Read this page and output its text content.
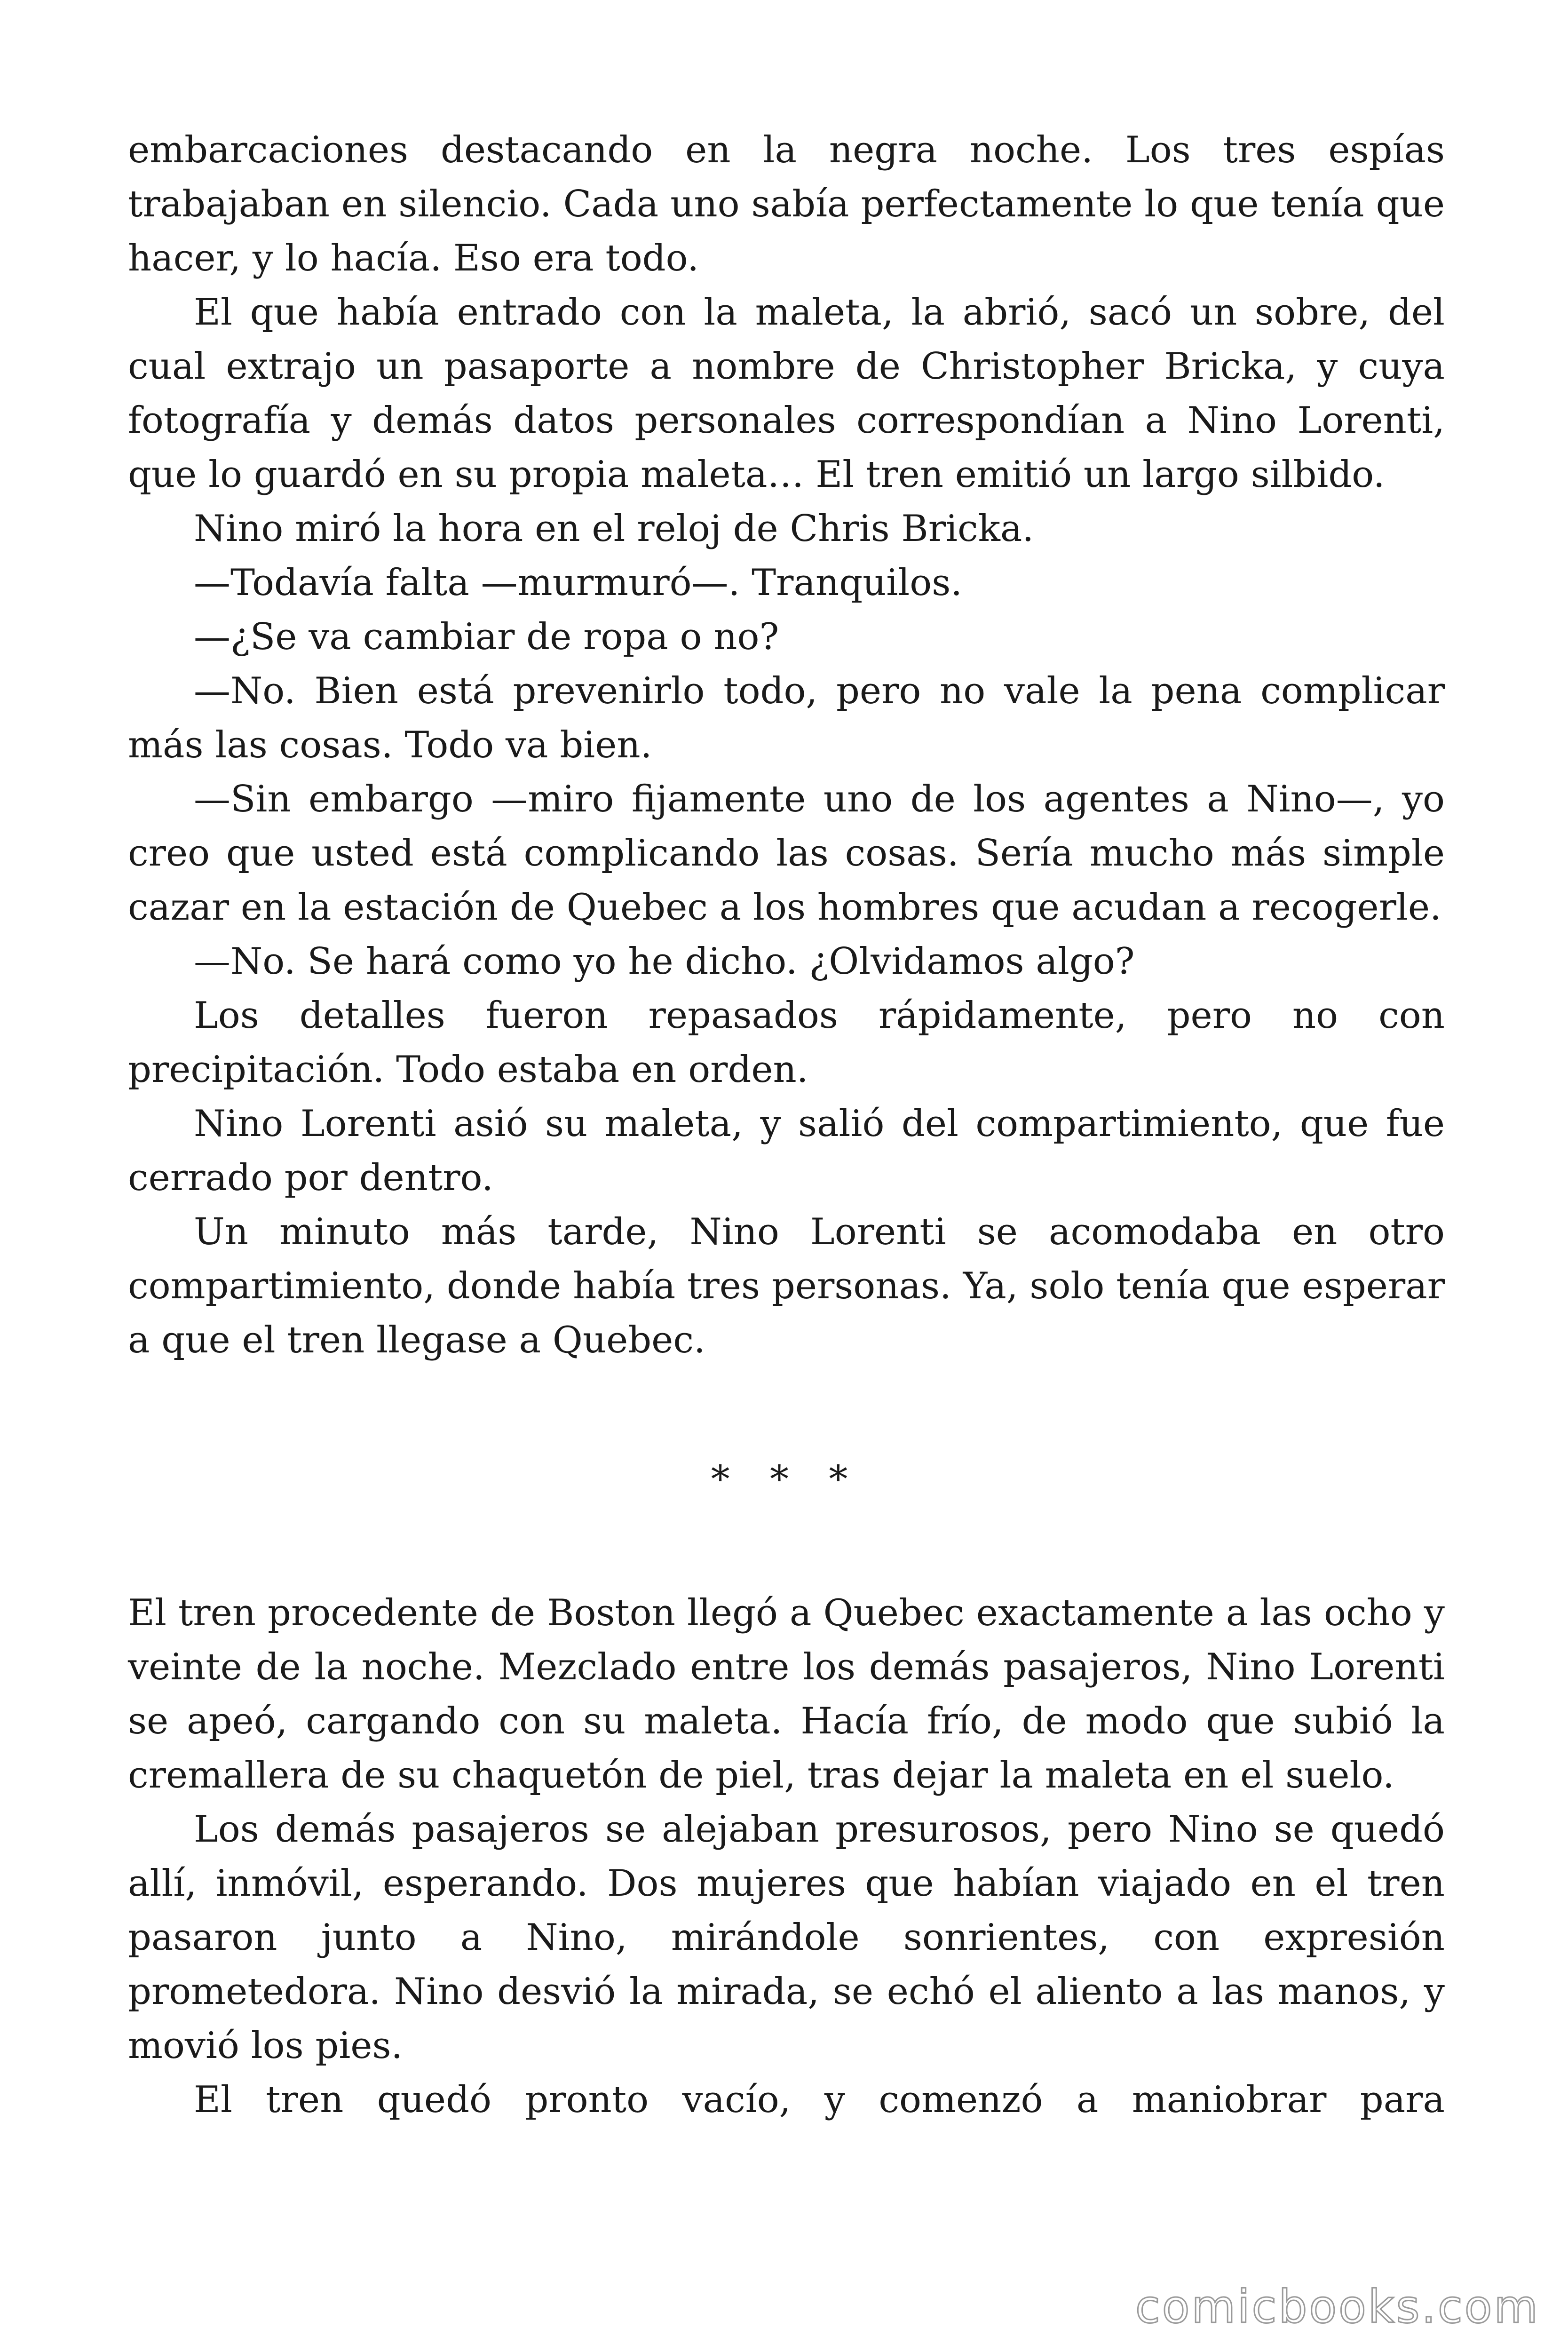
embarcaciones destacando en la negra noche. Los tres espías trabajaban en silencio. Cada uno sabía perfectamente lo que tenía que hacer, y lo hacía. Eso era todo.

El que había entrado con la maleta, la abrió, sacó un sobre, del cual extrajo un pasaporte a nombre de Christopher Bricka, y cuya fotografía y demás datos personales correspondían a Nino Lorenti, que lo guardó en su propia maleta… El tren emitió un largo silbido.

Nino miró la hora en el reloj de Chris Bricka.

—Todavía falta —murmuró—. Tranquilos.

—¿Se va cambiar de ropa o no?

—No. Bien está prevenirlo todo, pero no vale la pena complicar más las cosas. Todo va bien.

—Sin embargo —miro fijamente uno de los agentes a Nino—, yo creo que usted está complicando las cosas. Sería mucho más simple cazar en la estación de Quebec a los hombres que acudan a recogerle.

—No. Se hará como yo he dicho. ¿Olvidamos algo?

Los detalles fueron repasados rápidamente, pero no con precipitación. Todo estaba en orden.

Nino Lorenti asió su maleta, y salió del compartimiento, que fue cerrado por dentro.

Un minuto más tarde, Nino Lorenti se acomodaba en otro compartimiento, donde había tres personas. Ya, solo tenía que esperar a que el tren llegase a Quebec.

* * *

El tren procedente de Boston llegó a Quebec exactamente a las ocho y veinte de la noche. Mezclado entre los demás pasajeros, Nino Lorenti se apeó, cargando con su maleta. Hacía frío, de modo que subió la cremallera de su chaquetón de piel, tras dejar la maleta en el suelo.

Los demás pasajeros se alejaban presurosos, pero Nino se quedó allí, inmóvil, esperando. Dos mujeres que habían viajado en el tren pasaron junto a Nino, mirándole sonrientes, con expresión prometedora. Nino desvió la mirada, se echó el aliento a las manos, y movió los pies.

El tren quedó pronto vacío, y comenzó a maniobrar para

comicbooks.com
